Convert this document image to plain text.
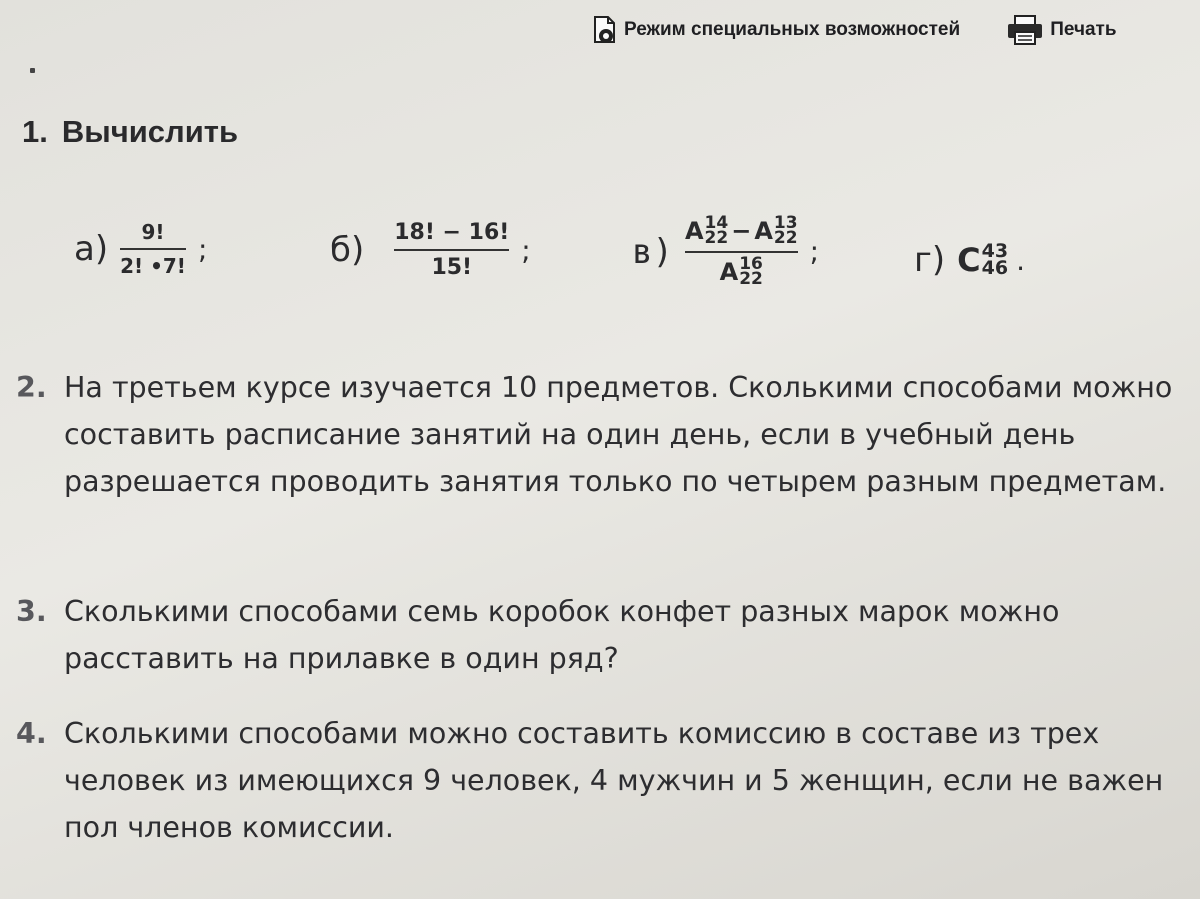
Режим специальных возможностей	Печать
1. Вычислить
$а) \frac{9!}{2! •7!}$ ;	$б) \frac{18! - 16!}{15!}$ ;	в) A 14
22 − A 13
22
A 16
22 ;	г) C 43
46 .
2. На третьем курсе изучается 10 предметов. Сколькими способами можно составить расписание занятий на один день, если в учебный день разрешается проводить занятия только по четырем разным предметам.
3. Сколькими способами семь коробок конфет разных марок можно расставить на прилавке в один ряд?
4. Сколькими способами можно составить комиссию в составе из трех человек из имеющихся 9 человек, 4 мужчин и 5 женщин, если не важен пол членов комиссии.
